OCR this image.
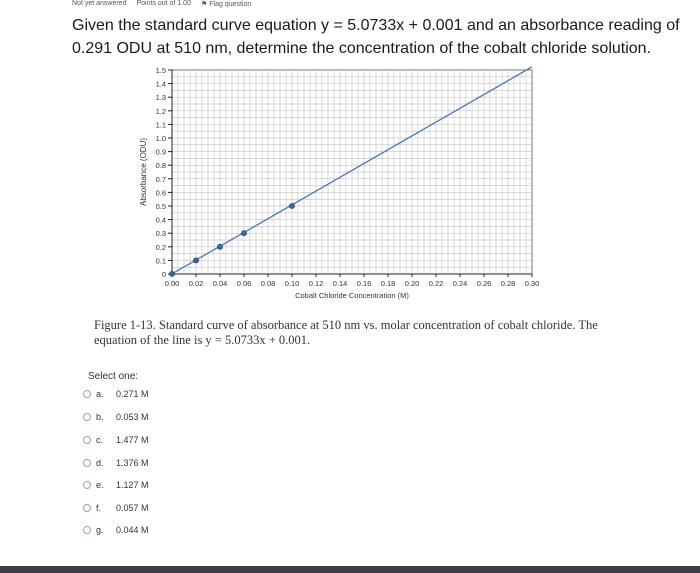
Not yet answered Points out of 1.00
⚑	Flag question
Given the standard curve equation y = 5.0733x + 0.001 and an absorbance reading of 0.291 ODU at 510 nm, determine the concentration of the cobalt chloride solution.
0
0.1
0.2
0.3
0.4
0.5
0.6
0.7
0.8
0.9
1.0
1.1
1.2
1.3
1.4
1.5
0.00 0.02 0.04 0.06 0.08 0.10 0.12 0.14 0.16 0.18 0.20 0.22 0.24 0.26 0.28 0.30
Cobalt Chloride Concentration (M)
Absorbance (ODU)
Figure 1-13. Standard curve of absorbance at 510 nm vs. molar concentration of cobalt chloride. The equation of the line is y = 5.0733x + 0.001.
Select one:
a.	0.271 M
b.	0.053 M
c.	1.477 M
d.	1.376 M
e.	1.127 M
f.	0.057 M
g.	0.044 M
